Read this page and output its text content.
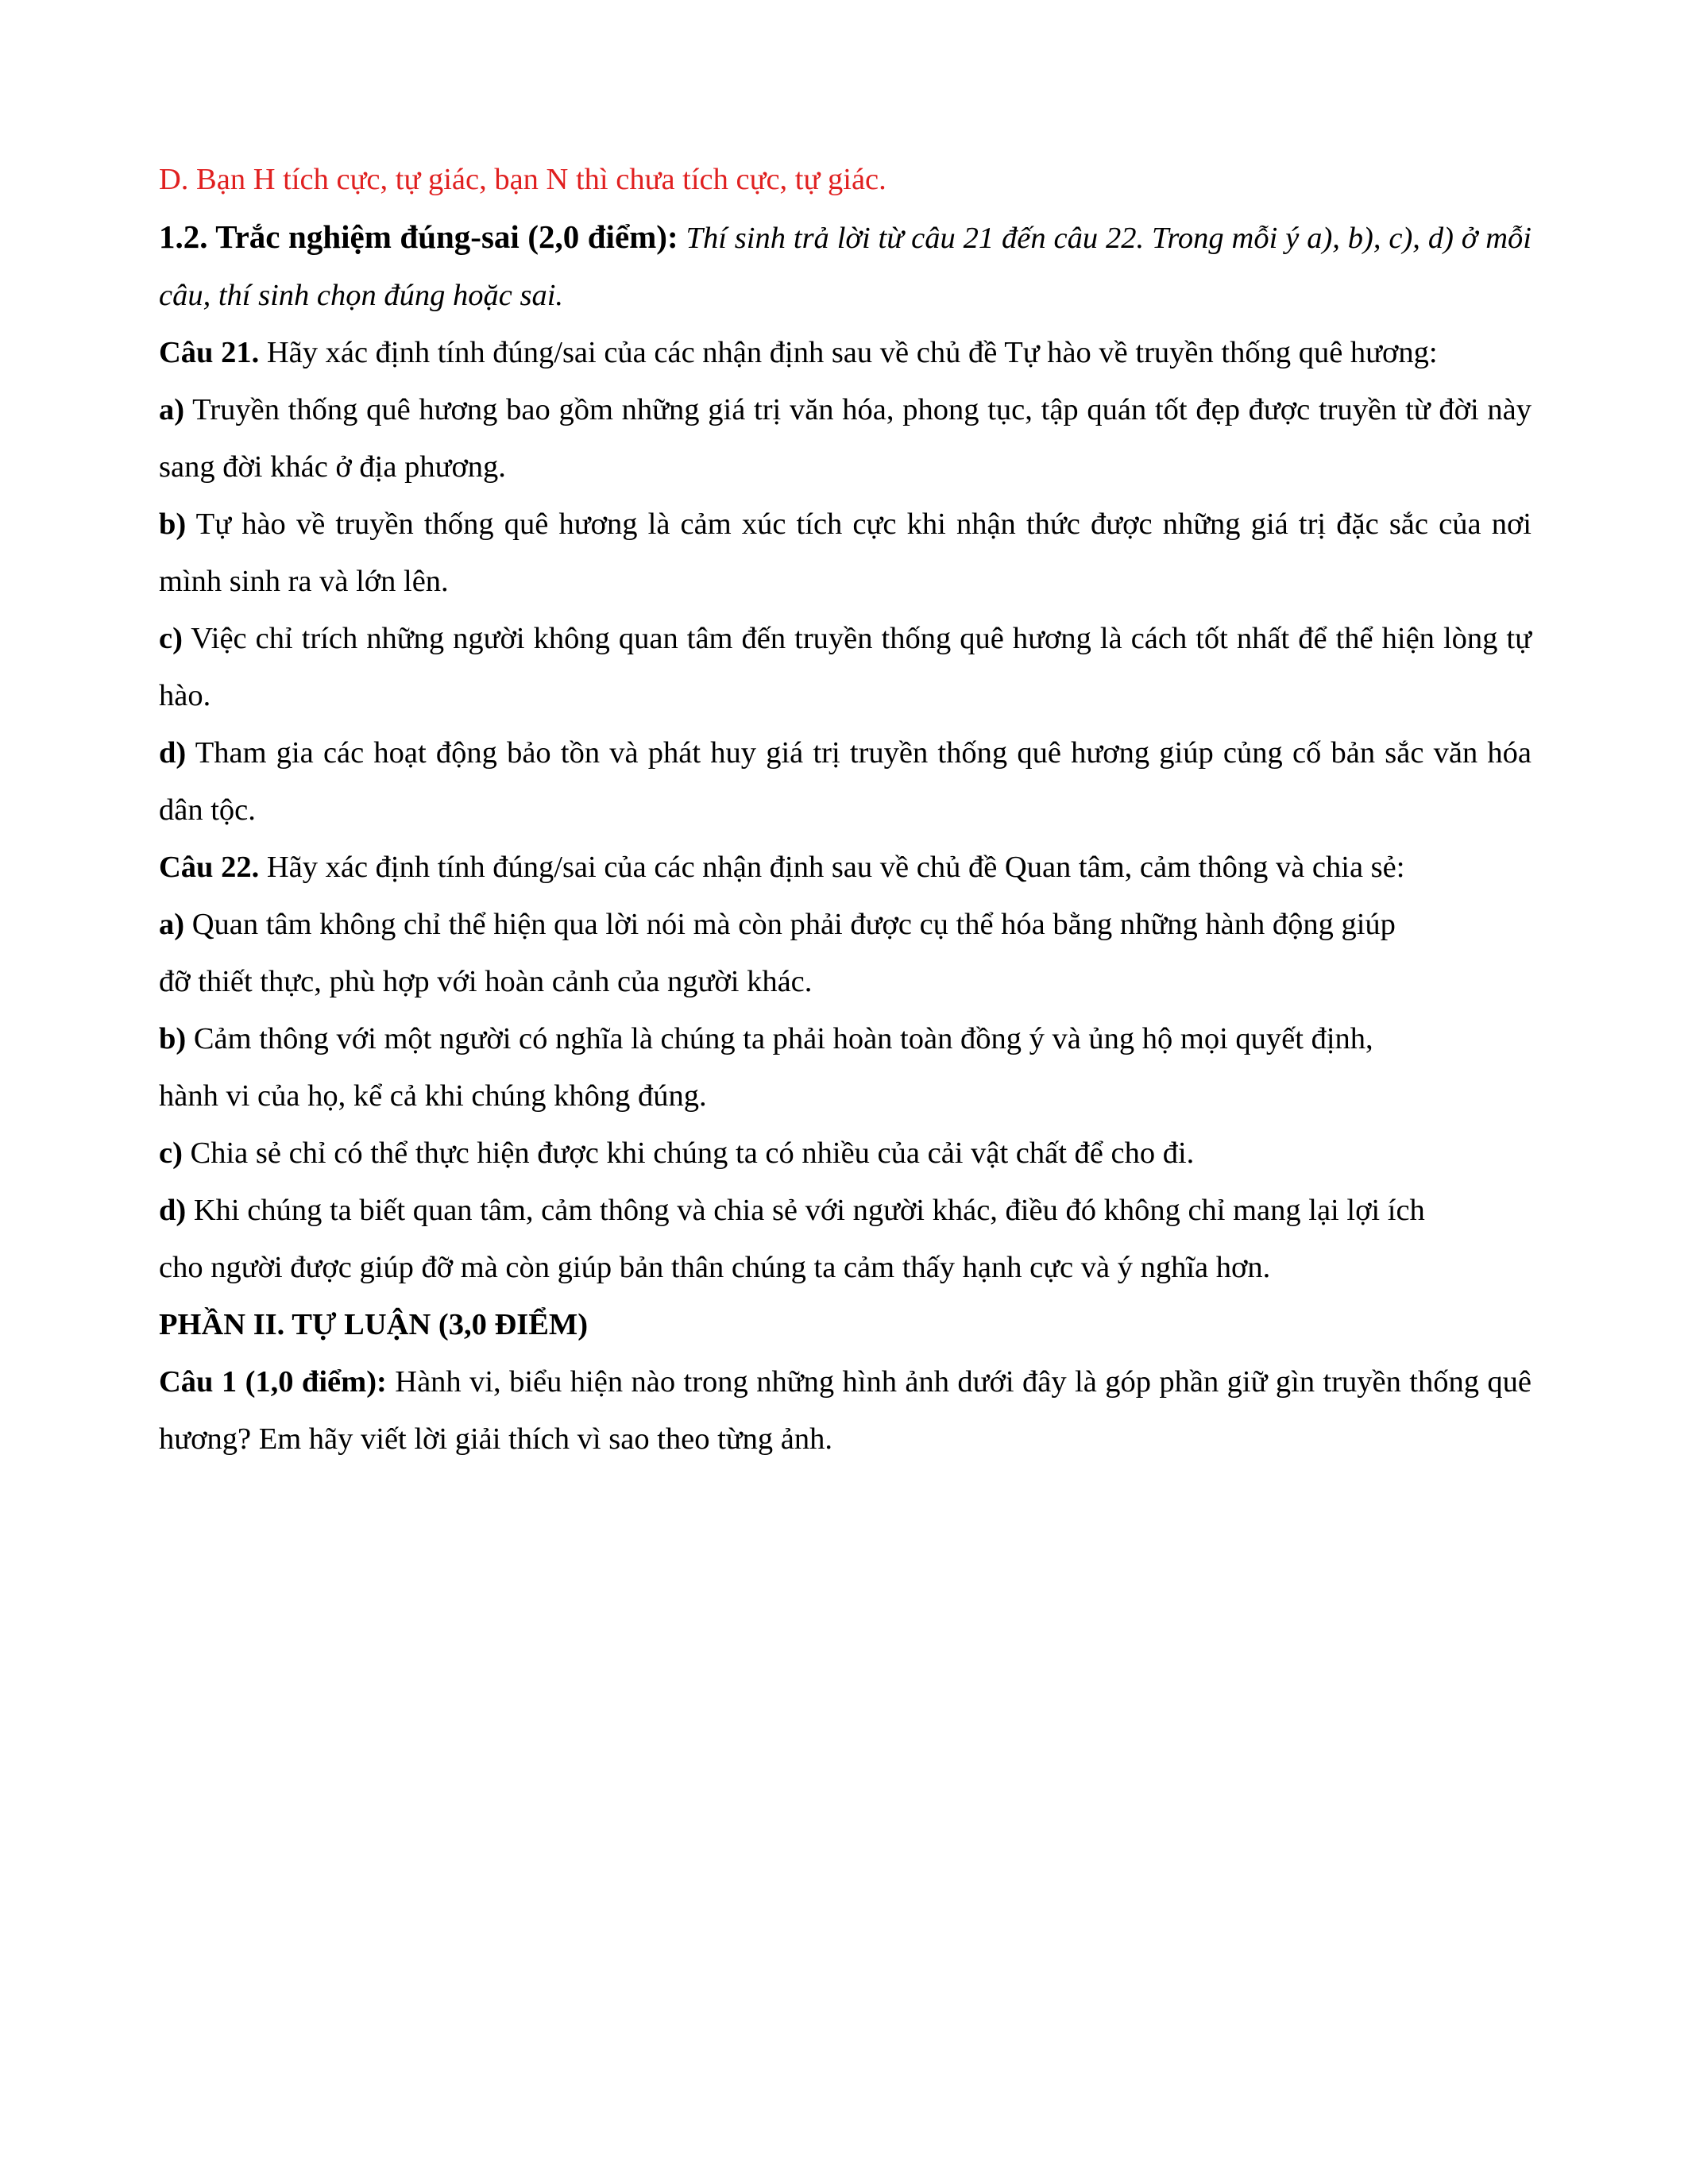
D. Bạn H tích cực, tự giác, bạn N thì chưa tích cực, tự giác.

1.2. Trắc nghiệm đúng-sai (2,0 điểm): Thí sinh trả lời từ câu 21 đến câu 22. Trong mỗi ý a), b), c), d) ở mỗi câu, thí sinh chọn đúng hoặc sai.

Câu 21. Hãy xác định tính đúng/sai của các nhận định sau về chủ đề Tự hào về truyền thống quê hương:

a) Truyền thống quê hương bao gồm những giá trị văn hóa, phong tục, tập quán tốt đẹp được truyền từ đời này sang đời khác ở địa phương.

b) Tự hào về truyền thống quê hương là cảm xúc tích cực khi nhận thức được những giá trị đặc sắc của nơi mình sinh ra và lớn lên.

c) Việc chỉ trích những người không quan tâm đến truyền thống quê hương là cách tốt nhất để thể hiện lòng tự hào.

d) Tham gia các hoạt động bảo tồn và phát huy giá trị truyền thống quê hương giúp củng cố bản sắc văn hóa dân tộc.

Câu 22. Hãy xác định tính đúng/sai của các nhận định sau về chủ đề Quan tâm, cảm thông và chia sẻ:

a) Quan tâm không chỉ thể hiện qua lời nói mà còn phải được cụ thể hóa bằng những hành động giúp

đỡ thiết thực, phù hợp với hoàn cảnh của người khác.

b) Cảm thông với một người có nghĩa là chúng ta phải hoàn toàn đồng ý và ủng hộ mọi quyết định,

hành vi của họ, kể cả khi chúng không đúng.

c) Chia sẻ chỉ có thể thực hiện được khi chúng ta có nhiều của cải vật chất để cho đi.

d) Khi chúng ta biết quan tâm, cảm thông và chia sẻ với người khác, điều đó không chỉ mang lại lợi ích

cho người được giúp đỡ mà còn giúp bản thân chúng ta cảm thấy hạnh cực và ý nghĩa hơn.

PHẦN II. TỰ LUẬN (3,0 ĐIỂM)

Câu 1 (1,0 điểm): Hành vi, biểu hiện nào trong những hình ảnh dưới đây là góp phần giữ gìn truyền thống quê hương? Em hãy viết lời giải thích vì sao theo từng ảnh.
